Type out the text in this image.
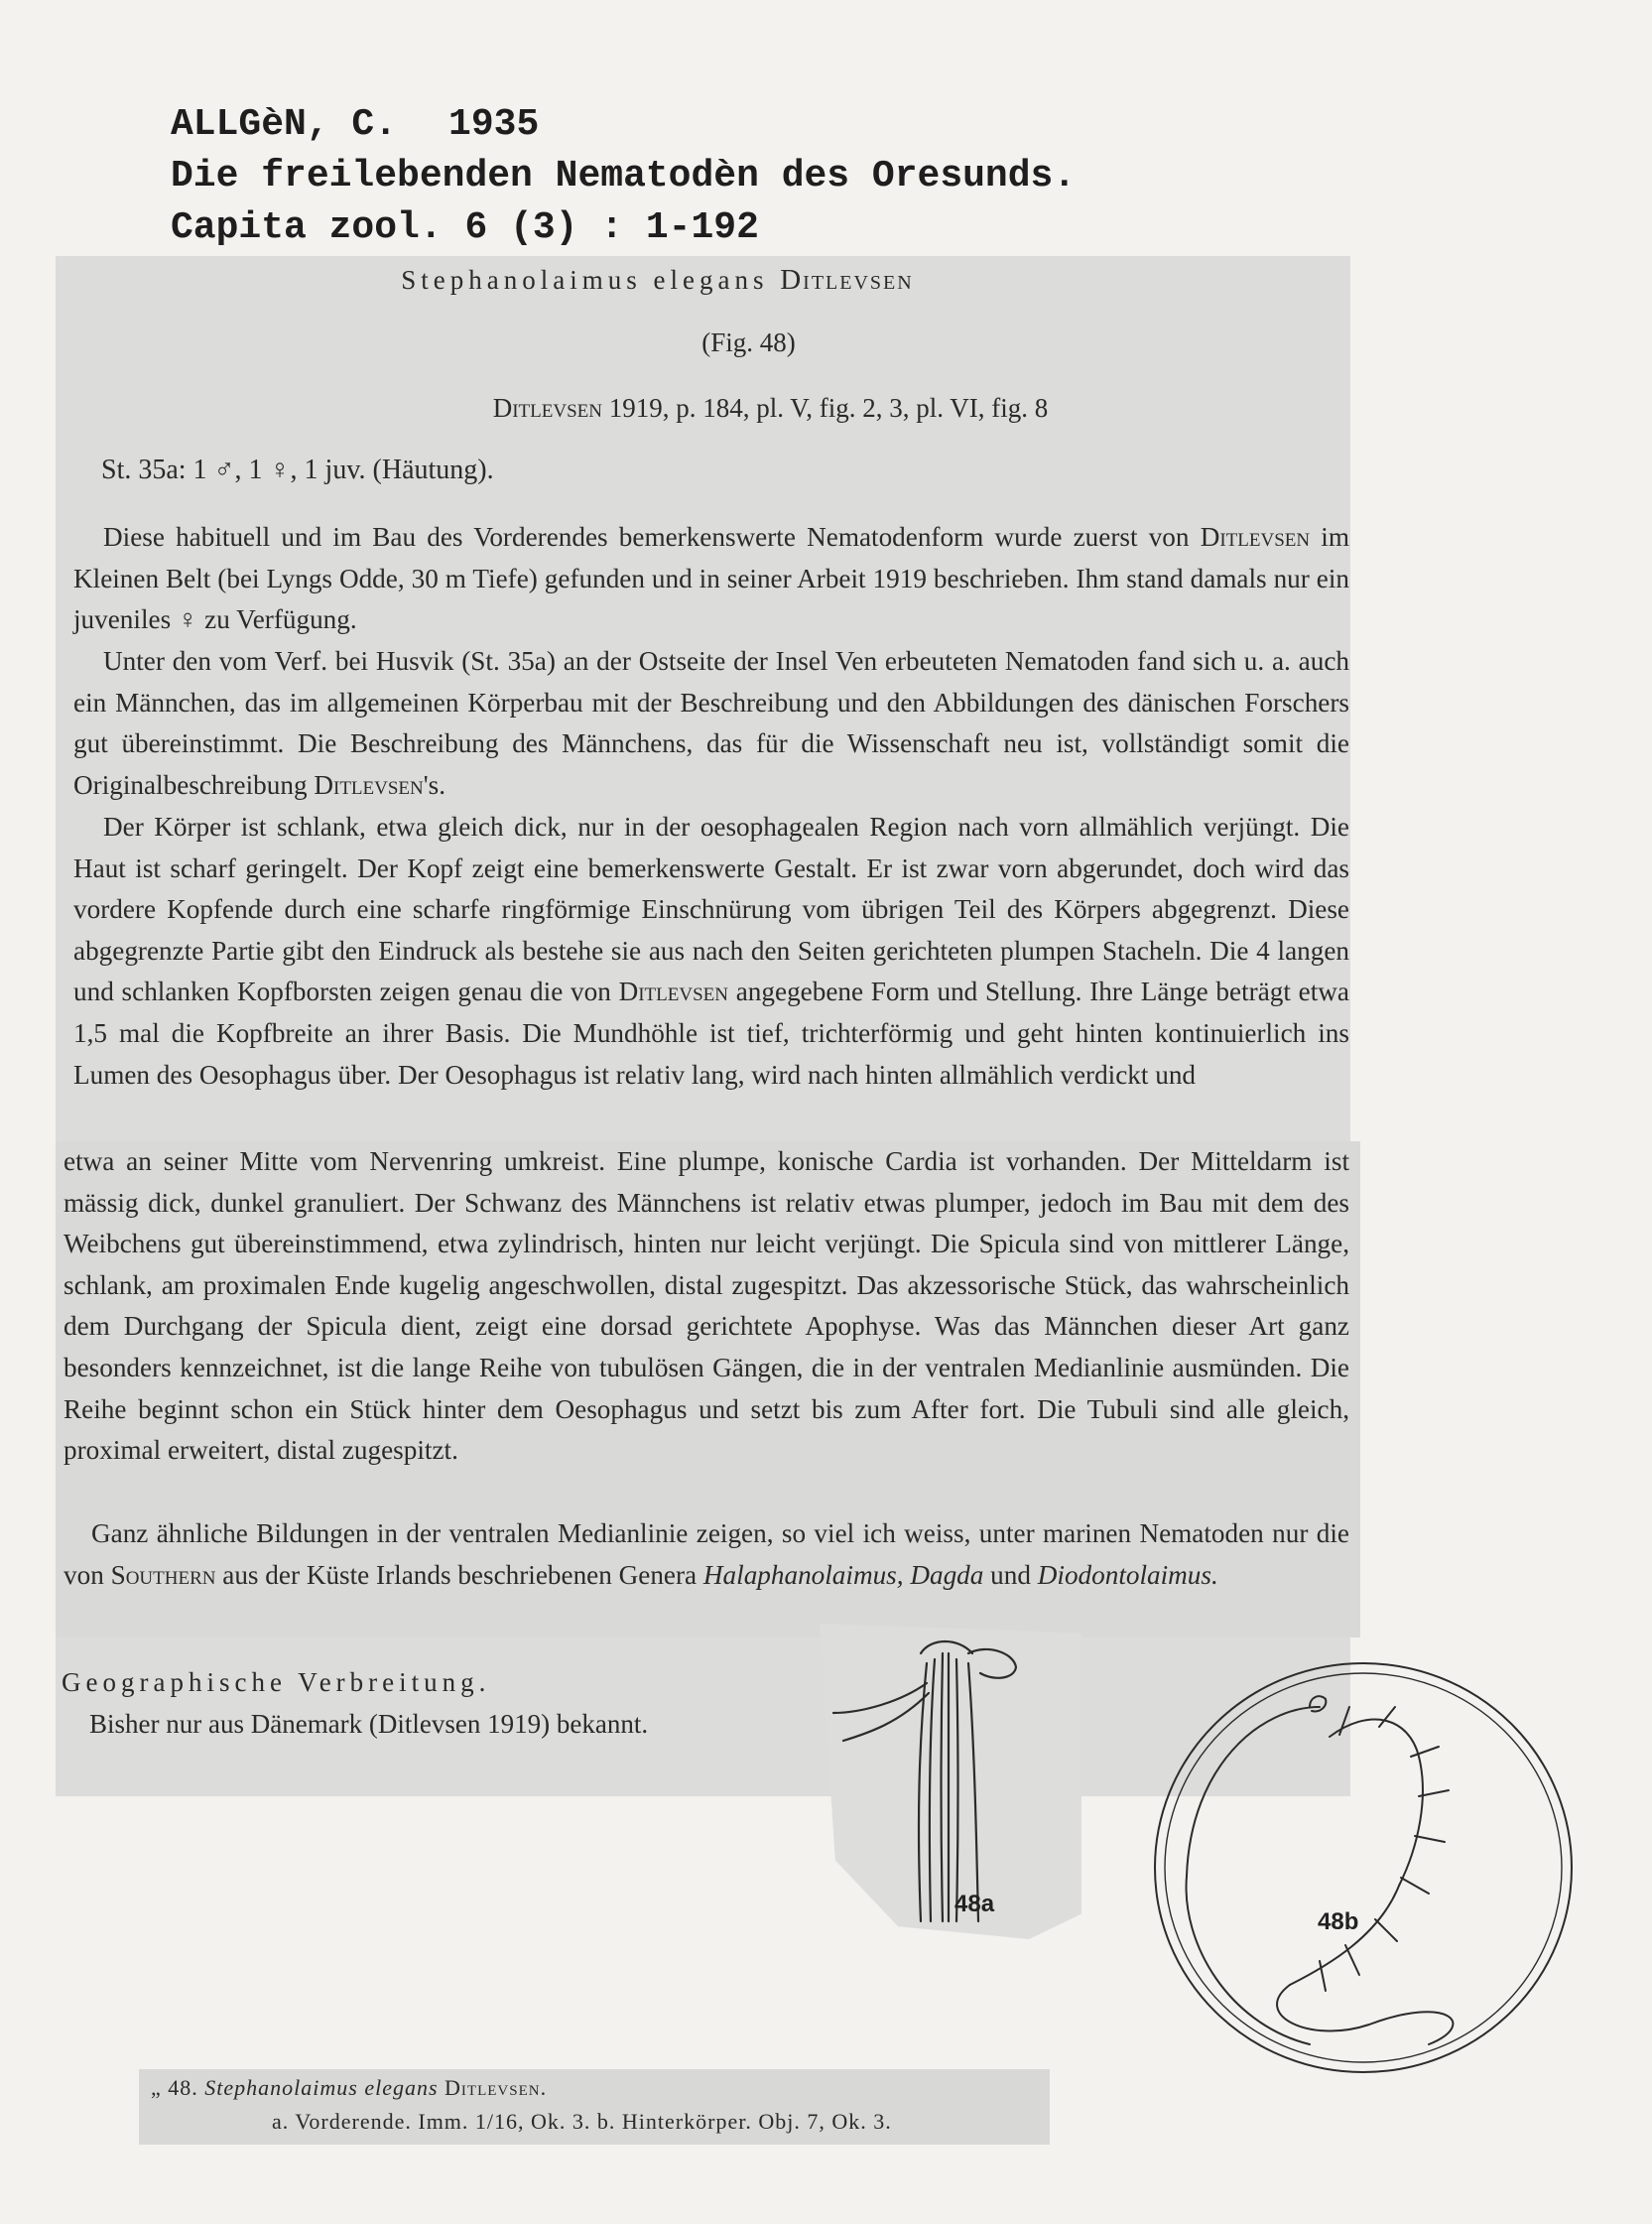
ALLGèN, C. 1935
Die freilebenden Nematodèn des Oresunds.
Capita zool. 6 (3) : 1-192
Stephanolaimus elegans Ditlevsen
(Fig. 48)
Ditlevsen 1919, p. 184, pl. V, fig. 2, 3, pl. VI, fig. 8
St. 35a: 1 ♂, 1 ♀, 1 juv. (Häutung).

Diese habituell und im Bau des Vorderendes bemerkenswerte Nematodenform wurde zuerst von Ditlevsen im Kleinen Belt (bei Lyngs Odde, 30 m Tiefe) gefunden und in seiner Arbeit 1919 beschrieben. Ihm stand damals nur ein juveniles ♀ zu Verfügung.

Unter den vom Verf. bei Husvik (St. 35a) an der Ostseite der Insel Ven erbeuteten Nematoden fand sich u. a. auch ein Männchen, das im allgemeinen Körperbau mit der Beschreibung und den Abbildungen des dänischen Forschers gut übereinstimmt. Die Beschreibung des Männchens, das für die Wissenschaft neu ist, vollständigt somit die Originalbeschreibung Ditlevsen's.

Der Körper ist schlank, etwa gleich dick, nur in der oesophagealen Region nach vorn allmählich verjüngt. Die Haut ist scharf geringelt. Der Kopf zeigt eine bemerkenswerte Gestalt. Er ist zwar vorn abgerundet, doch wird das vordere Kopfende durch eine scharfe ringförmige Einschnürung vom übrigen Teil des Körpers abgegrenzt. Diese abgegrenzte Partie gibt den Eindruck als bestehe sie aus nach den Seiten gerichteten plumpen Stacheln. Die 4 langen und schlanken Kopfborsten zeigen genau die von Ditlevsen angegebene Form und Stellung. Ihre Länge beträgt etwa 1,5 mal die Kopfbreite an ihrer Basis. Die Mundhöhle ist tief, trichterförmig und geht hinten kontinuierlich ins Lumen des Oesophagus über. Der Oesophagus ist relativ lang, wird nach hinten allmählich verdickt und

etwa an seiner Mitte vom Nervenring umkreist. Eine plumpe, konische Cardia ist vorhanden. Der Mitteldarm ist mässig dick, dunkel granuliert. Der Schwanz des Männchens ist relativ etwas plumper, jedoch im Bau mit dem des Weibchens gut übereinstimmend, etwa zylindrisch, hinten nur leicht verjüngt. Die Spicula sind von mittlerer Länge, schlank, am proximalen Ende kugelig angeschwollen, distal zugespitzt. Das akzessorische Stück, das wahrscheinlich dem Durchgang der Spicula dient, zeigt eine dorsad gerichtete Apophyse. Was das Männchen dieser Art ganz besonders kennzeichnet, ist die lange Reihe von tubulösen Gängen, die in der ventralen Medianlinie ausmünden. Die Reihe beginnt schon ein Stück hinter dem Oesophagus und setzt bis zum After fort. Die Tubuli sind alle gleich, proximal erweitert, distal zugespitzt.

Ganz ähnliche Bildungen in der ventralen Medianlinie zeigen, so viel ich weiss, unter marinen Nematoden nur die von Southern aus der Küste Irlands beschriebenen Genera Halaphanolaimus, Dagda und Diodontolaimus.

Geographische Verbreitung.
Bisher nur aus Dänemark (Ditlevsen 1919) bekannt.
48a
48b
„ 48. Stephanolaimus elegans Ditlevsen.
a. Vorderende. Imm. 1/16, Ok. 3. b. Hinterkörper. Obj. 7, Ok. 3.
